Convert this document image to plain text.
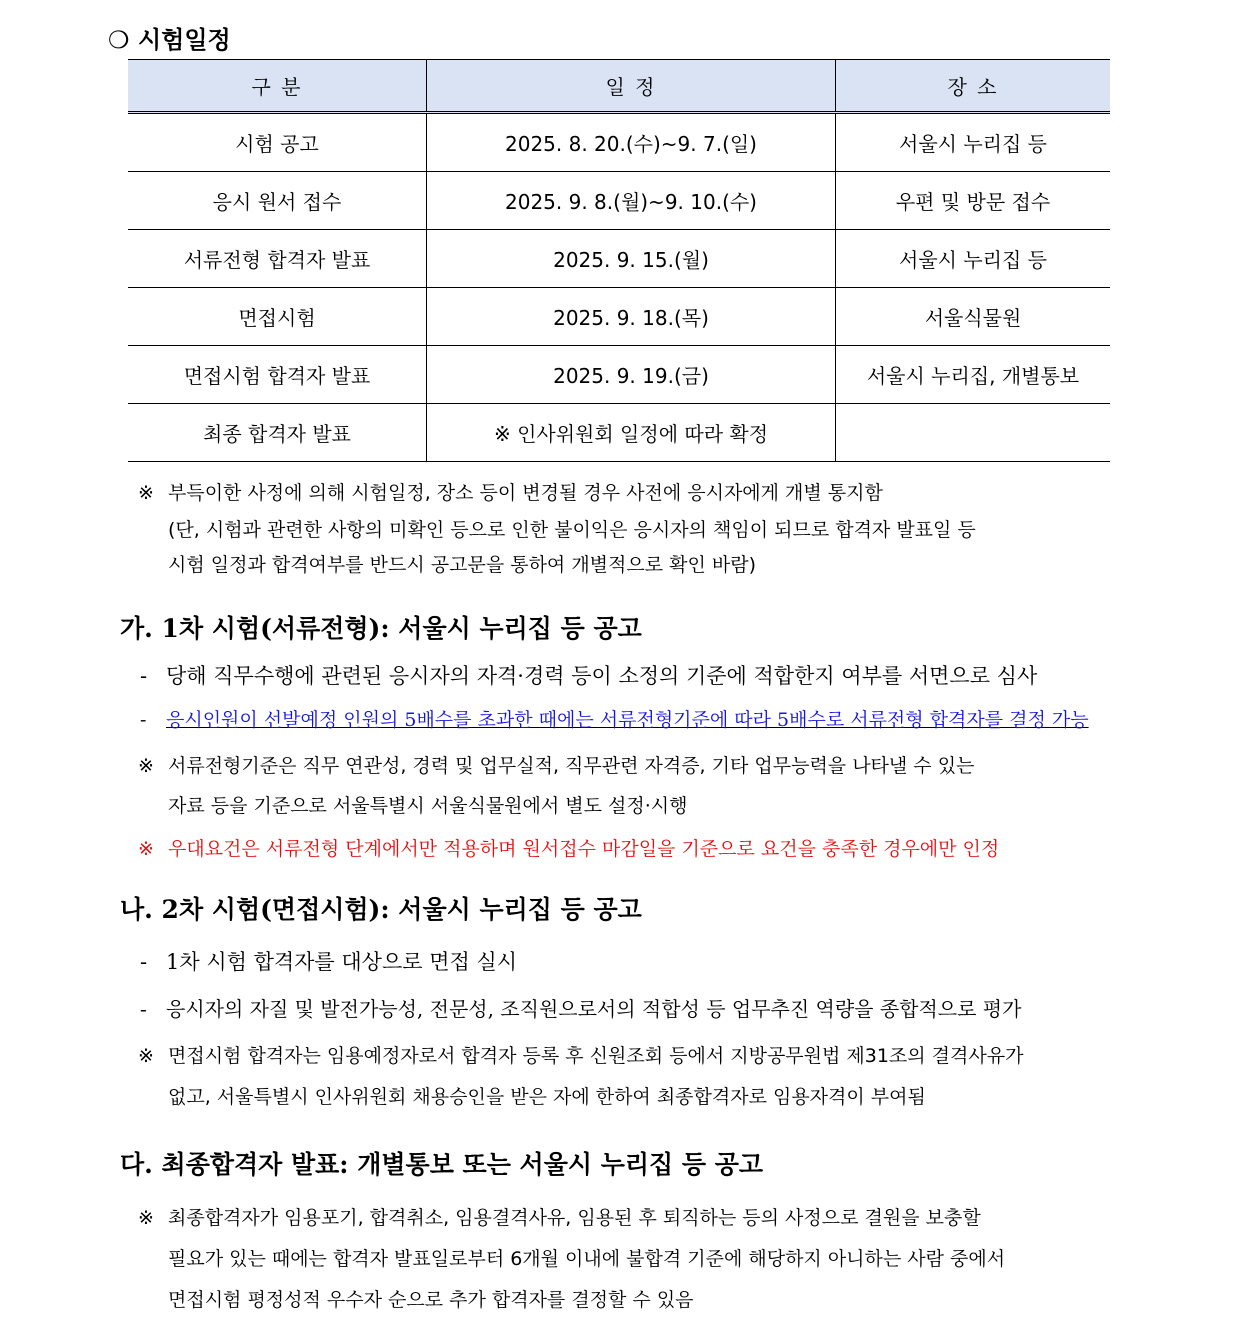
❍ 시험일정
구 분	일 정	장 소
시험 공고	2025. 8. 20.(수)~9. 7.(일)	서울시 누리집 등
응시 원서 접수	2025. 9. 8.(월)~9. 10.(수)	우편 및 방문 접수
서류전형 합격자 발표	2025. 9. 15.(월)	서울시 누리집 등
면접시험	2025. 9. 18.(목)	서울식물원
면접시험 합격자 발표	2025. 9. 19.(금)	서울시 누리집, 개별통보
최종 합격자 발표	※ 인사위원회 일정에 따라 확정	
※ 부득이한 사정에 의해 시험일정, 장소 등이 변경될 경우 사전에 응시자에게 개별 통지함
(단, 시험과 관련한 사항의 미확인 등으로 인한 불이익은 응시자의 책임이 되므로 합격자 발표일 등
시험 일정과 합격여부를 반드시 공고문을 통하여 개별적으로 확인 바람)
가. 1차 시험(서류전형): 서울시 누리집 등 공고
- 당해 직무수행에 관련된 응시자의 자격·경력 등이 소정의 기준에 적합한지 여부를 서면으로 심사
- 응시인원이 선발예정 인원의 5배수를 초과한 때에는 서류전형기준에 따라 5배수로 서류전형 합격자를 결정 가능
※ 서류전형기준은 직무 연관성, 경력 및 업무실적, 직무관련 자격증, 기타 업무능력을 나타낼 수 있는
자료 등을 기준으로 서울특별시 서울식물원에서 별도 설정·시행
※ 우대요건은 서류전형 단계에서만 적용하며 원서접수 마감일을 기준으로 요건을 충족한 경우에만 인정
나. 2차 시험(면접시험): 서울시 누리집 등 공고
- 1차 시험 합격자를 대상으로 면접 실시
- 응시자의 자질 및 발전가능성, 전문성, 조직원으로서의 적합성 등 업무추진 역량을 종합적으로 평가
※ 면접시험 합격자는 임용예정자로서 합격자 등록 후 신원조회 등에서 지방공무원법 제31조의 결격사유가
없고, 서울특별시 인사위원회 채용승인을 받은 자에 한하여 최종합격자로 임용자격이 부여됨
다. 최종합격자 발표: 개별통보 또는 서울시 누리집 등 공고
※ 최종합격자가 임용포기, 합격취소, 임용결격사유, 임용된 후 퇴직하는 등의 사정으로 결원을 보충할
필요가 있는 때에는 합격자 발표일로부터 6개월 이내에 불합격 기준에 해당하지 아니하는 사람 중에서
면접시험 평정성적 우수자 순으로 추가 합격자를 결정할 수 있음
